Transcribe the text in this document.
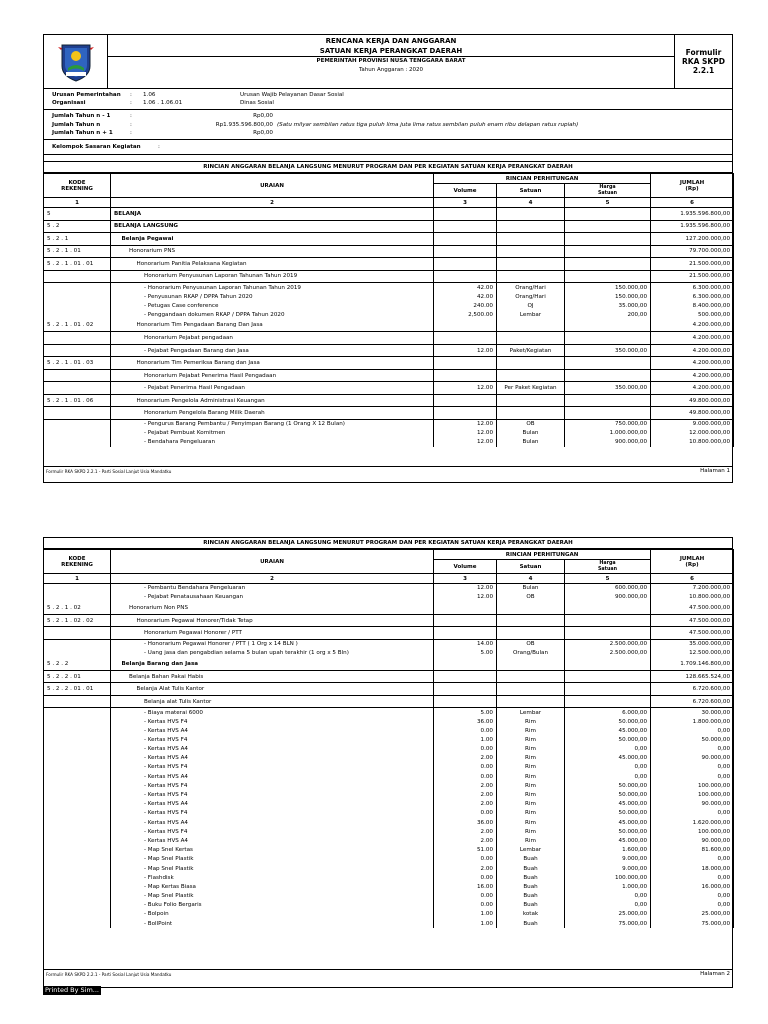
RENCANA KERJA DAN ANGGARAN
SATUAN KERJA PERANGKAT DAERAH
PEMERINTAH PROVINSI NUSA TENGGARA BARAT
Tahun Anggaran : 2020
Formulir
RKA SKPD
2.2.1
Urusan Pemerintahan	:	1.06	Urusan Wajib Pelayanan Dasar Sosial
Organisasi	:	1.06 . 1.06.01	Dinas Sosial
Jumlah Tahun n - 1	:	Rp0,00
Jumlah Tahun n	:	Rp1.935.596.800,00 (Satu milyar sembilan ratus tiga puluh lima juta lima ratus sembilan puluh enam ribu delapan ratus rupiah)
Jumlah Tahun n + 1	:	Rp0,00
Kelompok Sasaran Kegiatan	:
RINCIAN ANGGARAN BELANJA LANGSUNG MENURUT PROGRAM DAN PER KEGIATAN SATUAN KERJA PERANGKAT DAERAH
KODE
REKENING	URAIAN	RINCIAN PERHITUNGAN			JUMLAH
(Rp)
		Volume	Satuan	Harga
Satuan	
1	2	3	4	5	6
5	BELANJA				1.935.596.800,00
5 . 2	BELANJA LANGSUNG				1.935.596.800,00
5 . 2 . 1	Belanja Pegawai				127.200.000,00
5 . 2 . 1 . 01	Honorarium PNS				79.700.000,00
5 . 2 . 1 . 01 . 01	Honorarium Panitia Pelaksana Kegiatan				21.500.000,00
	Honorarium Penyusunan Laporan Tahunan Tahun 2019				21.500.000,00
	- Honorarium Penyusunan Laporan Tahunan Tahun 2019	42.00	Orang/Hari	150.000,00	6.300.000,00
	- Penyusunan RKAP / DPPA Tahun 2020	42.00	Orang/Hari	150.000,00	6.300.000,00
	- Petugas Case conference	240.00	OJ	35.000,00	8.400.000,00
	- Penggandaan dokumen RKAP / DPPA Tahun 2020	2,500.00	Lembar	200,00	500.000,00
5 . 2 . 1 . 01 . 02	Honorarium Tim Pengadaan Barang Dan Jasa				4.200.000,00
	Honorarium Pejabat pengadaan				4.200.000,00
	- Pejabat Pengadaan Barang dan Jasa	12.00	Paket/Kegiatan	350.000,00	4.200.000,00
5 . 2 . 1 . 01 . 03	Honorarium Tim Pemeriksa Barang dan Jasa				4.200.000,00
	Honorarium Pejabat Penerima Hasil Pengadaan				4.200.000,00
	- Pejabat Penerima Hasil Pengadaan	12.00	Per Paket Kegiatan	350.000,00	4.200.000,00
5 . 2 . 1 . 01 . 06	Honorarium Pengelola Administrasi Keuangan				49.800.000,00
	Honorarium Pengelola Barang Milik Daerah				49.800.000,00
	- Pengurus Barang Pembantu / Penyimpan Barang (1 Orang X 12 Bulan)	12.00	OB	750.000,00	9.000.000,00
	- Pejabat Pembuat Komitmen	12.00	Bulan	1.000.000,00	12.000.000,00
	- Bendahara Pengeluaran	12.00	Bulan	900.000,00	10.800.000,00
Formulir RKA SKPD 2.2.1 - Parti Sosial Lanjut Usia Mandatku	Halaman 1
RINCIAN ANGGARAN BELANJA LANGSUNG MENURUT PROGRAM DAN PER KEGIATAN SATUAN KERJA PERANGKAT DAERAH
KODE
REKENING	URAIAN	RINCIAN PERHITUNGAN			JUMLAH
(Rp)
		Volume	Satuan	Harga
Satuan	
1	2	3	4	5	6
	- Pembantu Bendahara Pengeluaran	12.00	Bulan	600.000,00	7.200.000,00
	- Pejabat Penatausahaan Keuangan	12.00	OB	900.000,00	10.800.000,00
5 . 2 . 1 . 02	Honorarium Non PNS				47.500.000,00
5 . 2 . 1 . 02 . 02	Honorarium Pegawai Honorer/Tidak Tetap				47.500.000,00
	Honorarium Pegawai Honorer / PTT				47.500.000,00
	- Honorarium Pegawai Honorer / PTT ( 1 Org x 14 BLN )	14.00	OB	2.500.000,00	35.000.000,00
	- Uang jasa dan pengabdian selama 5 bulan upah terakhir (1 org x 5 Bln)	5.00	Orang/Bulan	2.500.000,00	12.500.000,00
5 . 2 . 2	Belanja Barang dan Jasa				1.709.146.800,00
5 . 2 . 2 . 01	Belanja Bahan Pakai Habis				128.665.524,00
5 . 2 . 2 . 01 . 01	Belanja Alat Tulis Kantor				6.720.600,00
	Belanja alat Tulis Kantor				6.720.600,00
	- Biaya materai 6000	5.00	Lembar	6.000,00	30.000,00
	- Kertas HVS F4	36.00	Rim	50.000,00	1.800.000,00
	- Kertas HVS A4	0.00	Rim	45.000,00	0,00
	- Kertas HVS F4	1.00	Rim	50.000,00	50.000,00
	- Kertas HVS A4	0.00	Rim	0,00	0,00
	- Kertas HVS A4	2.00	Rim	45.000,00	90.000,00
	- Kertas HVS F4	0.00	Rim	0,00	0,00
	- Kertas HVS A4	0.00	Rim	0,00	0,00
	- Kertas HVS F4	2.00	Rim	50.000,00	100.000,00
	- Kertas HVS F4	2.00	Rim	50.000,00	100.000,00
	- Kertas HVS A4	2.00	Rim	45.000,00	90.000,00
	- Kertas HVS F4	0.00	Rim	50.000,00	0,00
	- Kertas HVS A4	36.00	Rim	45.000,00	1.620.000,00
	- Kertas HVS F4	2.00	Rim	50.000,00	100.000,00
	- Kertas HVS A4	2.00	Rim	45.000,00	90.000,00
	- Map Snel Kertas	51.00	Lembar	1.600,00	81.600,00
	- Map Snel Plastik	0.00	Buah	9.000,00	0,00
	- Map Snel Plastik	2.00	Buah	9.000,00	18.000,00
	- Flashdisk	0.00	Buah	100.000,00	0,00
	- Map Kertas Biasa	16.00	Buah	1.000,00	16.000,00
	- Map Snel Plastik	0.00	Buah	0,00	0,00
	- Buku Folio Bergaris	0.00	Buah	0,00	0,00
	- Bolpoin	1.00	kotak	25.000,00	25.000,00
	- BollPoint	1.00	Buah	75.000,00	75.000,00
Formulir RKA SKPD 2.2.1 - Parti Sosial Lanjut Usia Mandatku	Halaman 2
Printed By Sim...
